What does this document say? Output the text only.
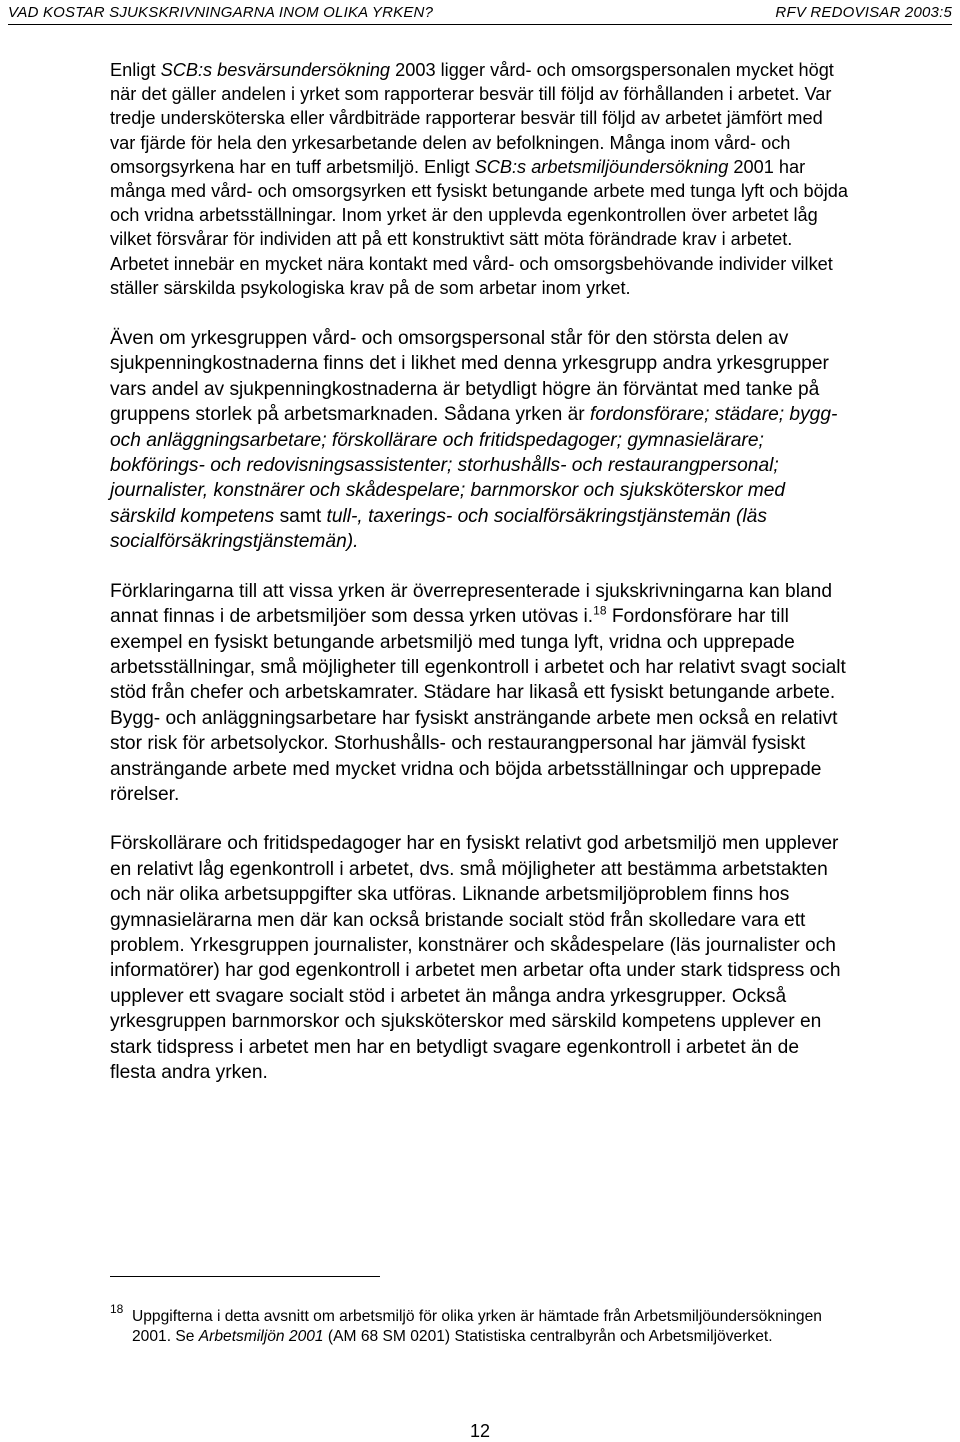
VAD KOSTAR SJUKSKRIVNINGARNA INOM OLIKA YRKEN?	RFV REDOVISAR 2003:5

Enligt SCB:s besvärsundersökning 2003 ligger vård- och omsorgspersonalen mycket högt när det gäller andelen i yrket som rapporterar besvär till följd av förhållanden i arbetet. Var tredje undersköterska eller vårdbiträde rapporterar besvär till följd av arbetet jämfört med var fjärde för hela den yrkesarbetande delen av befolkningen. Många inom vård- och omsorgsyrkena har en tuff arbetsmiljö. Enligt SCB:s arbetsmiljöundersökning 2001 har många med vård- och omsorgsyrken ett fysiskt betungande arbete med tunga lyft och böjda och vridna arbetsställningar. Inom yrket är den upplevda egenkontrollen över arbetet låg vilket försvårar för individen att på ett konstruktivt sätt möta förändrade krav i arbetet. Arbetet innebär en mycket nära kontakt med vård- och omsorgsbehövande individer vilket ställer särskilda psykologiska krav på de som arbetar inom yrket.

Även om yrkesgruppen vård- och omsorgspersonal står för den största delen av sjukpenningkostnaderna finns det i likhet med denna yrkesgrupp andra yrkesgrupper vars andel av sjukpenningkostnaderna är betydligt högre än förväntat med tanke på gruppens storlek på arbetsmarknaden. Sådana yrken är fordonsförare; städare; bygg- och anläggningsarbetare; förskollärare och fritidspedagoger; gymnasielärare; bokförings- och redovisningsassistenter; storhushålls- och restaurangpersonal; journalister, konstnärer och skådespelare; barnmorskor och sjuksköterskor med särskild kompetens samt tull-, taxerings- och socialförsäkringstjänstemän (läs socialförsäkringstjänstemän).

Förklaringarna till att vissa yrken är överrepresenterade i sjukskrivningarna kan bland annat finnas i de arbetsmiljöer som dessa yrken utövas i.$^{18}$ Fordonsförare har till exempel en fysiskt betungande arbetsmiljö med tunga lyft, vridna och upprepade arbetsställningar, små möjligheter till egenkontroll i arbetet och har relativt svagt socialt stöd från chefer och arbetskamrater. Städare har likaså ett fysiskt betungande arbete. Bygg- och anläggningsarbetare har fysiskt ansträngande arbete men också en relativt stor risk för arbetsolyckor. Storhushålls- och restaurangpersonal har jämväl fysiskt ansträngande arbete med mycket vridna och böjda arbetsställningar och upprepade rörelser.

Förskollärare och fritidspedagoger har en fysiskt relativt god arbetsmiljö men upplever en relativt låg egenkontroll i arbetet, dvs. små möjligheter att bestämma arbetstakten och när olika arbetsuppgifter ska utföras. Liknande arbetsmiljöproblem finns hos gymnasielärarna men där kan också bristande socialt stöd från skolledare vara ett problem. Yrkesgruppen journalister, konstnärer och skådespelare (läs journalister och informatörer) har god egenkontroll i arbetet men arbetar ofta under stark tidspress och upplever ett svagare socialt stöd i arbetet än många andra yrkesgrupper. Också yrkesgruppen barnmorskor och sjuksköterskor med särskild kompetens upplever en stark tidspress i arbetet men har en betydligt svagare egenkontroll i arbetet än de flesta andra yrken.

18 Uppgifterna i detta avsnitt om arbetsmiljö för olika yrken är hämtade från Arbetsmiljöundersökningen 2001. Se Arbetsmiljön 2001 (AM 68 SM 0201) Statistiska centralbyrån och Arbetsmiljöverket.
12
